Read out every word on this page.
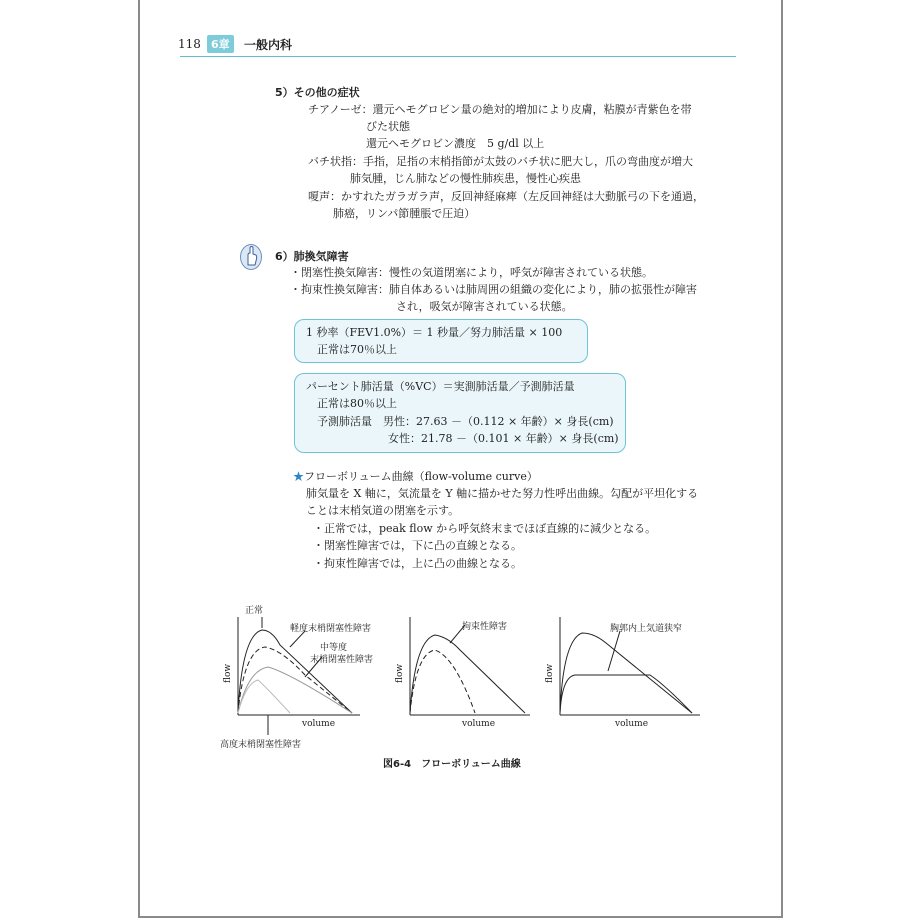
118 6章	一般内科
5）その他の症状
チアノーゼ：還元ヘモグロビン量の絶対的増加により皮膚，粘膜が青紫色を帯
びた状態
還元ヘモグロビン濃度　5 g/dl 以上
バチ状指：手指，足指の末梢指節が太鼓のバチ状に肥大し，爪の弯曲度が増大
肺気腫，じん肺などの慢性肺疾患，慢性心疾患
嗄声：かすれたガラガラ声，反回神経麻痺（左反回神経は大動脈弓の下を通過，
肺癌，リンパ節腫脹で圧迫）
6）肺換気障害
・閉塞性換気障害：慢性の気道閉塞により，呼気が障害されている状態。
・拘束性換気障害：肺自体あるいは肺周囲の組織の変化により，肺の拡張性が障害
され，吸気が障害されている状態。
1 秒率（FEV1.0%）＝ 1 秒量／努力肺活量 × 100
正常は70％以上
パーセント肺活量（%VC）＝実測肺活量／予測肺活量
正常は80％以上
予測肺活量　男性：27.63 －（0.112 × 年齢）× 身長(cm)
女性：21.78 －（0.101 × 年齢）× 身長(cm)
★フローボリューム曲線（flow-volume curve）
肺気量を X 軸に，気流量を Y 軸に描かせた努力性呼出曲線。勾配が平坦化する
ことは末梢気道の閉塞を示す。
・正常では，peak flow から呼気終末までほぼ直線的に減少となる。
・閉塞性障害では，下に凸の直線となる。
・拘束性障害では，上に凸の曲線となる。
正常
軽度末梢閉塞性障害
中等度
末梢閉塞性障害
高度末梢閉塞性障害
拘束性障害	胸郭内上気道狭窄
volume	volume	volume
flow	flow	flow
図6-4　フローボリューム曲線
